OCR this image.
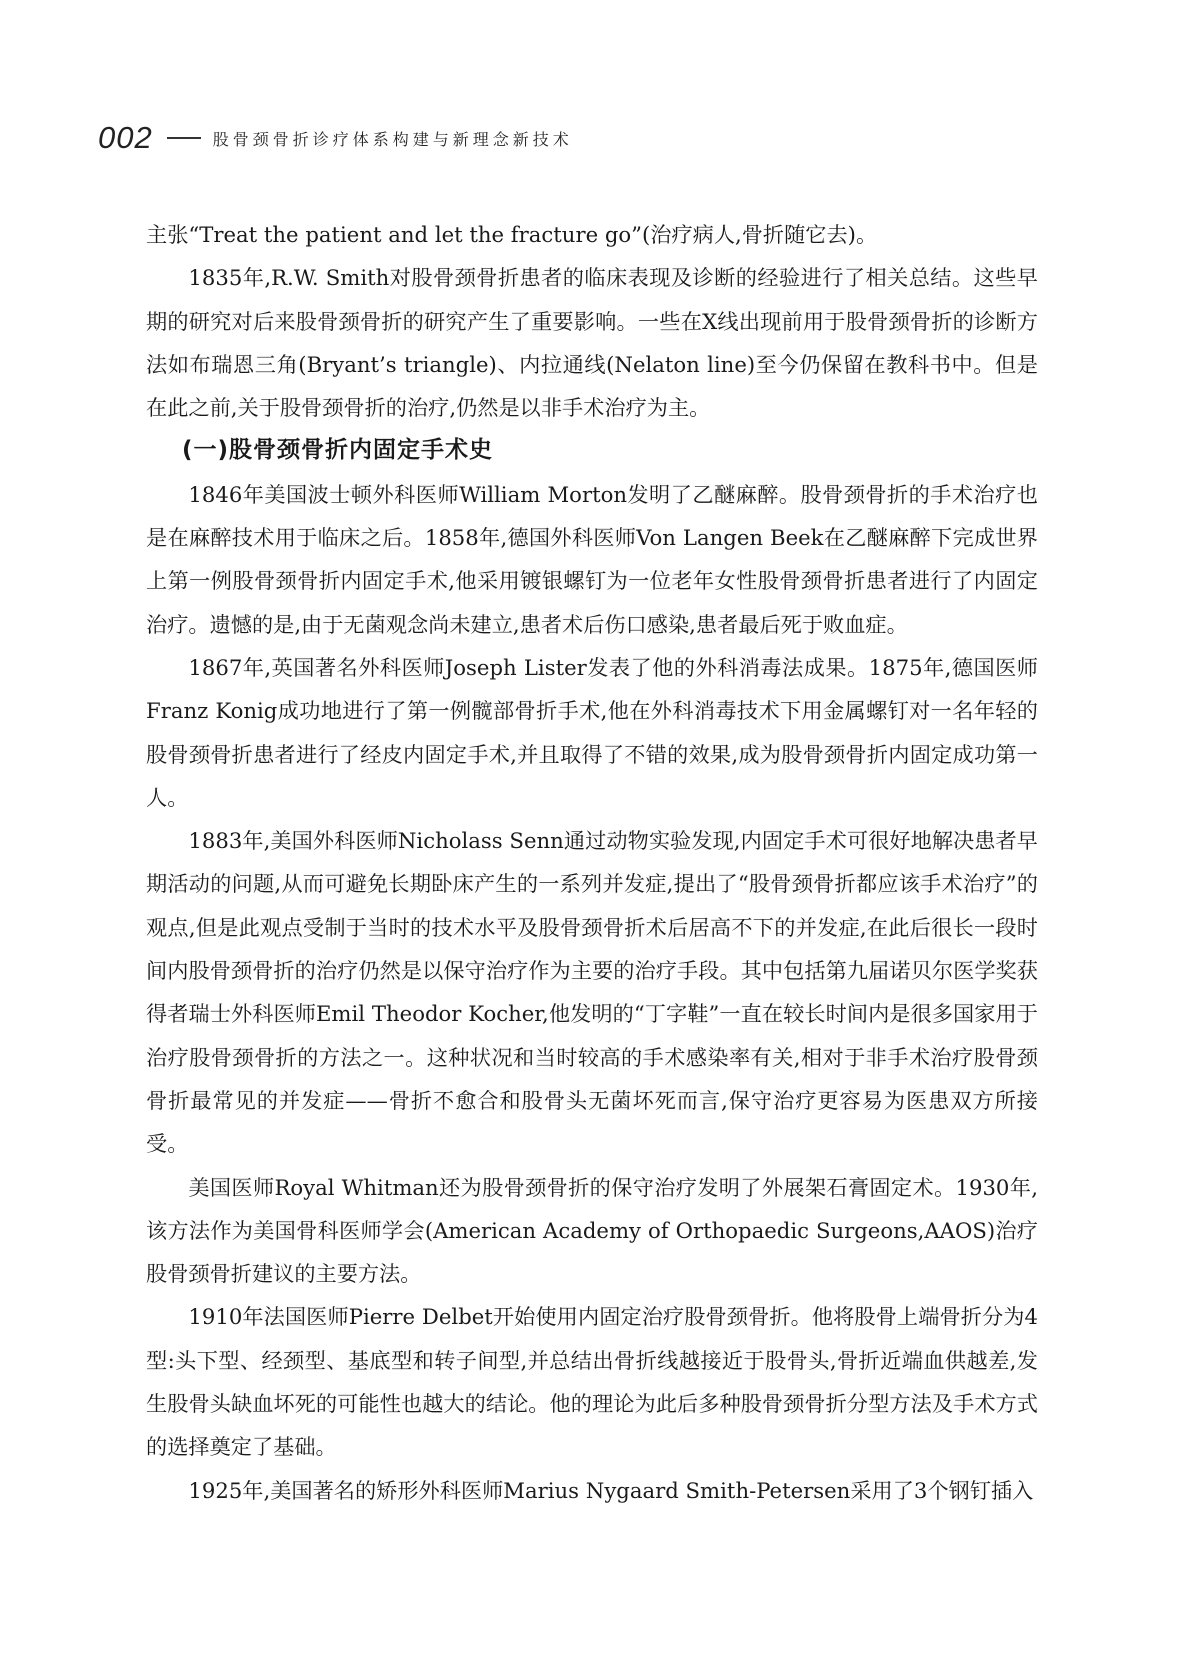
002	股骨颈骨折诊疗体系构建与新理念新技术

主张“Treat the patient and let the fracture go”(治疗病人,骨折随它去)。

1835年,R.W. Smith对股骨颈骨折患者的临床表现及诊断的经验进行了相关总结。这些早期的研究对后来股骨颈骨折的研究产生了重要影响。一些在X线出现前用于股骨颈骨折的诊断方法如布瑞恩三角(Bryant’s triangle)、内拉通线(Nelaton line)至今仍保留在教科书中。但是在此之前,关于股骨颈骨折的治疗,仍然是以非手术治疗为主。

(一)股骨颈骨折内固定手术史

1846年美国波士顿外科医师William Morton发明了乙醚麻醉。股骨颈骨折的手术治疗也是在麻醉技术用于临床之后。1858年,德国外科医师Von Langen Beek在乙醚麻醉下完成世界上第一例股骨颈骨折内固定手术,他采用镀银螺钉为一位老年女性股骨颈骨折患者进行了内固定治疗。遗憾的是,由于无菌观念尚未建立,患者术后伤口感染,患者最后死于败血症。

1867年,英国著名外科医师Joseph Lister发表了他的外科消毒法成果。1875年,德国医师Franz Konig成功地进行了第一例髋部骨折手术,他在外科消毒技术下用金属螺钉对一名年轻的股骨颈骨折患者进行了经皮内固定手术,并且取得了不错的效果,成为股骨颈骨折内固定成功第一人。

1883年,美国外科医师Nicholass Senn通过动物实验发现,内固定手术可很好地解决患者早期活动的问题,从而可避免长期卧床产生的一系列并发症,提出了“股骨颈骨折都应该手术治疗”的观点,但是此观点受制于当时的技术水平及股骨颈骨折术后居高不下的并发症,在此后很长一段时间内股骨颈骨折的治疗仍然是以保守治疗作为主要的治疗手段。其中包括第九届诺贝尔医学奖获得者瑞士外科医师Emil Theodor Kocher,他发明的“丁字鞋”一直在较长时间内是很多国家用于治疗股骨颈骨折的方法之一。这种状况和当时较高的手术感染率有关,相对于非手术治疗股骨颈骨折最常见的并发症——骨折不愈合和股骨头无菌坏死而言,保守治疗更容易为医患双方所接受。

美国医师Royal Whitman还为股骨颈骨折的保守治疗发明了外展架石膏固定术。1930年,该方法作为美国骨科医师学会(American Academy of Orthopaedic Surgeons,AAOS)治疗股骨颈骨折建议的主要方法。

1910年法国医师Pierre Delbet开始使用内固定治疗股骨颈骨折。他将股骨上端骨折分为4型:头下型、经颈型、基底型和转子间型,并总结出骨折线越接近于股骨头,骨折近端血供越差,发生股骨头缺血坏死的可能性也越大的结论。他的理论为此后多种股骨颈骨折分型方法及手术方式的选择奠定了基础。

1925年,美国著名的矫形外科医师Marius Nygaard Smith-Petersen采用了3个钢钉插入
